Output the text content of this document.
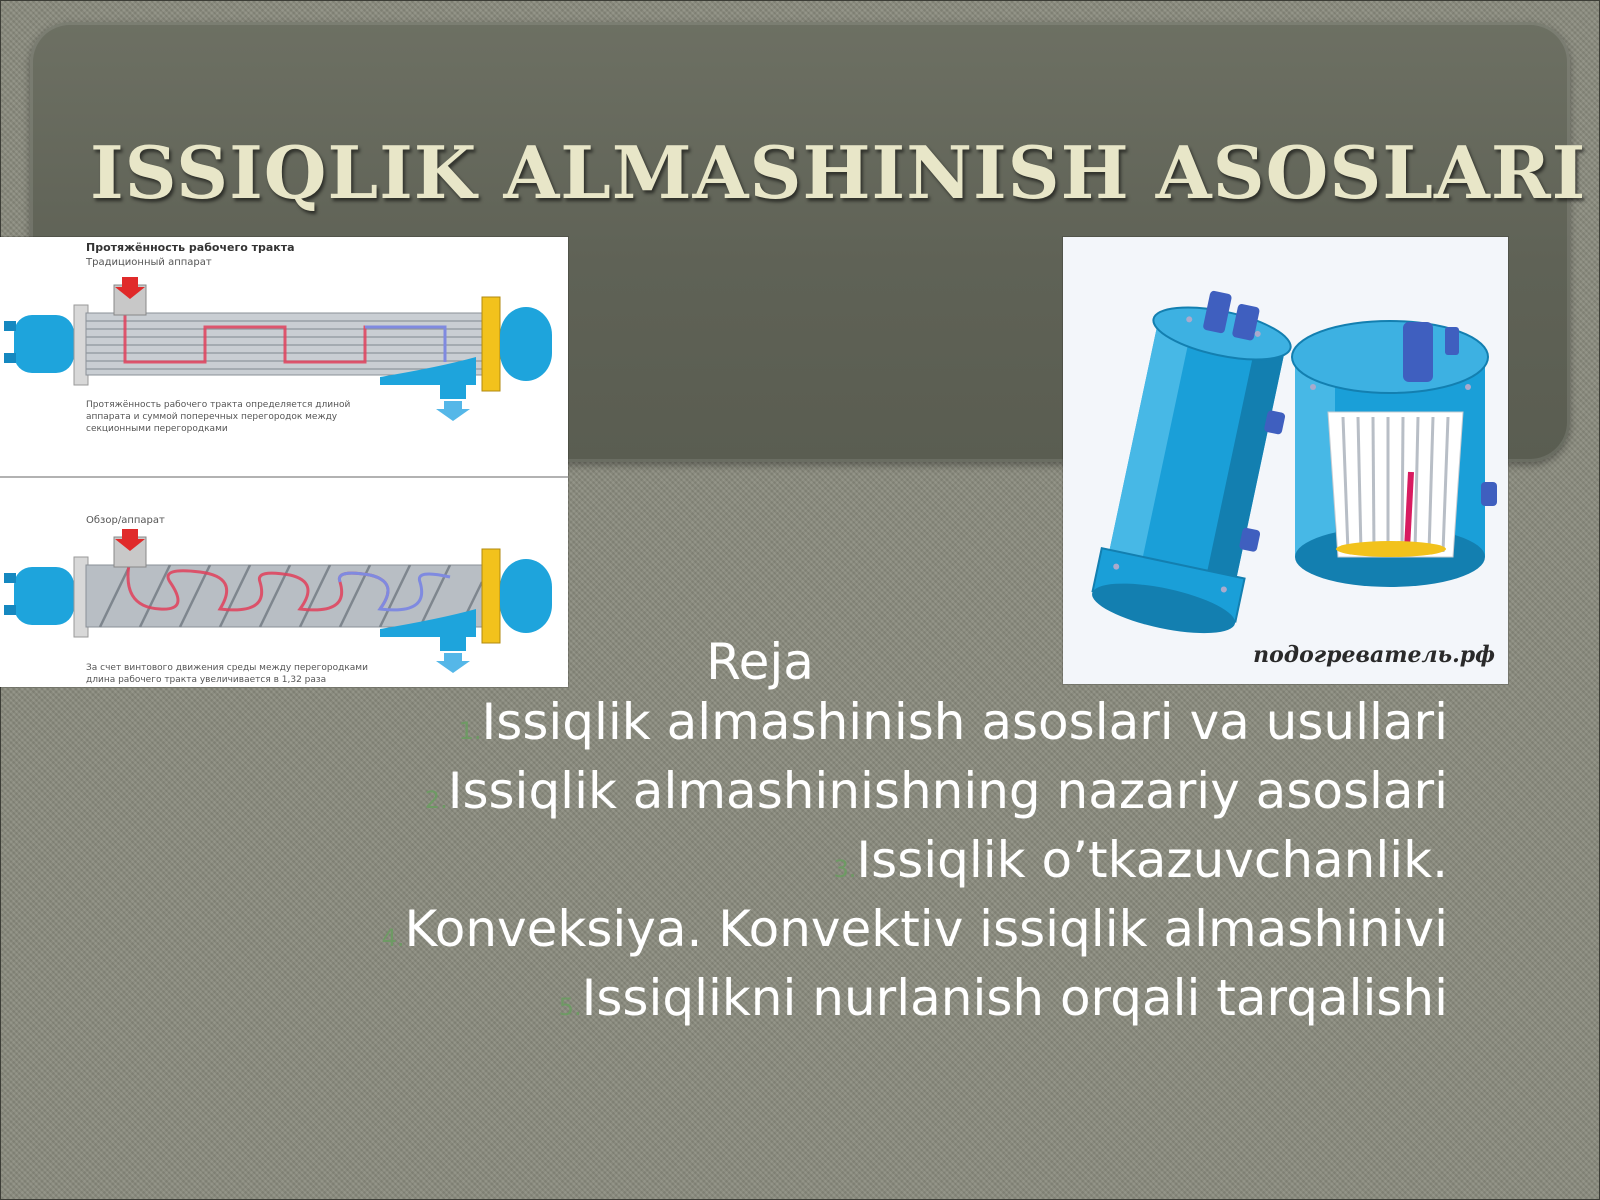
ISSIQLIK ALMASHINISH ASOSLARI
Протяжённость рабочего тракта
Традиционный аппарат
Протяжённость рабочего тракта определяется длиной
аппарата и суммой поперечных перегородок между
секционными перегородками
Обзор/аппарат
За счет винтового движения среды между перегородками
длина рабочего тракта увеличивается в 1,32 раза
подогреватель.рф

Reja

1.Issiqlik almashinish asoslari va usullari
2.Issiqlik almashinishning nazariy asoslari
3.Issiqlik o’tkazuvchanlik.
4.Konveksiya. Konvektiv issiqlik almashinivi
5.Issiqlikni nurlanish orqali tarqalishi
